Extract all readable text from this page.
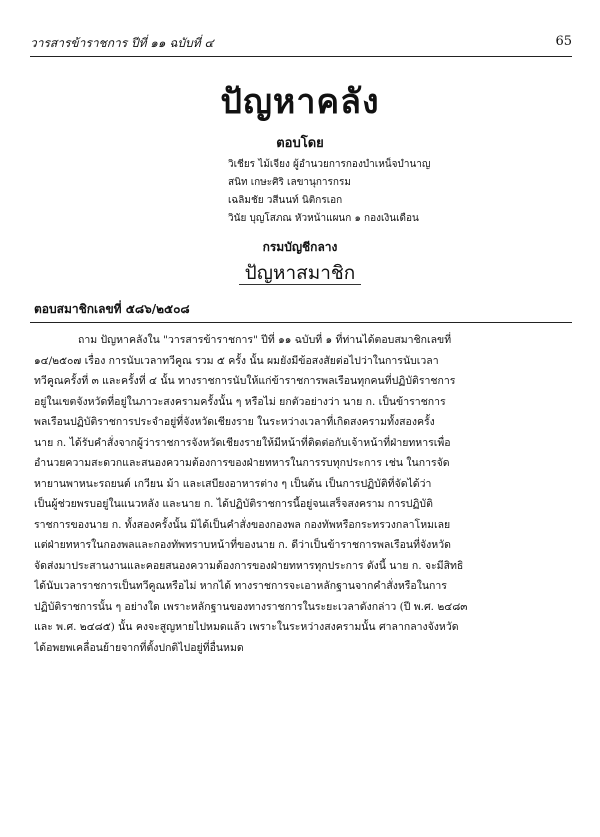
วารสารข้าราชการ ปีที่ ๑๑ ฉบับที่ ๔	65
ปัญหาคลัง
ตอบโดย
วิเชียร ไม้เจียง ผู้อำนวยการกองบำเหน็จบำนาญ
สนิท เกษะศิริ เลขานุการกรม
เฉลิมชัย วสีนนท์ นิติกรเอก
วินัย บุญโสภณ หัวหน้าแผนก ๑ กองเงินเดือน
กรมบัญชีกลาง
ปัญหาสมาชิก
ตอบสมาชิกเลขที่ ๕๘๖/๒๕๐๘
ถาม ปัญหาคลังใน "วารสารข้าราชการ" ปีที่ ๑๑ ฉบับที่ ๑ ที่ท่านได้ตอบสมาชิกเลขที่
๑๔/๒๕๐๗ เรื่อง การนับเวลาทวีคูณ รวม ๕ ครั้ง นั้น ผมยังมีข้อสงสัยต่อไปว่าในการนับเวลา
ทวีคูณครั้งที่ ๓ และครั้งที่ ๔ นั้น ทางราชการนับให้แก่ข้าราชการพลเรือนทุกคนที่ปฏิบัติราชการ
อยู่ในเขตจังหวัดที่อยู่ในภาวะสงครามครั้งนั้น ๆ หรือไม่ ยกตัวอย่างว่า นาย ก. เป็นข้าราชการ
พลเรือนปฏิบัติราชการประจำอยู่ที่จังหวัดเชียงราย ในระหว่างเวลาที่เกิดสงครามทั้งสองครั้ง
นาย ก. ได้รับคำสั่งจากผู้ว่าราชการจังหวัดเชียงรายให้มีหน้าที่ติดต่อกับเจ้าหน้าที่ฝ่ายทหารเพื่อ
อำนวยความสะดวกและสนองความต้องการของฝ่ายทหารในการรบทุกประการ เช่น ในการจัด
หายานพาหนะรถยนต์ เกวียน ม้า และเสบียงอาหารต่าง ๆ เป็นต้น เป็นการปฏิบัติที่จัดได้ว่า
เป็นผู้ช่วยพรบอยู่ในแนวหลัง และนาย ก. ได้ปฏิบัติราชการนี้อยู่จนเสร็จสงคราม การปฏิบัติ
ราชการของนาย ก. ทั้งสองครั้งนั้น มิได้เป็นคำสั่งของกองพล กองทัพหรือกระทรวงกลาโหมเลย
แต่ฝ่ายทหารในกองพลและกองทัพทราบหน้าที่ของนาย ก. ดีว่าเป็นข้าราชการพลเรือนที่จังหวัด
จัดส่งมาประสานงานและคอยสนองความต้องการของฝ่ายทหารทุกประการ ดังนี้ นาย ก. จะมีสิทธิ
ได้นับเวลาราชการเป็นทวีคูณหรือไม่ หากได้ ทางราชการจะเอาหลักฐานจากคำสั่งหรือในการ
ปฏิบัติราชการนั้น ๆ อย่างใด เพราะหลักฐานของทางราชการในระยะเวลาดังกล่าว (ปี พ.ศ. ๒๔๘๓
และ พ.ศ. ๒๔๘๕) นั้น คงจะสูญหายไปหมดแล้ว เพราะในระหว่างสงครามนั้น ศาลากลางจังหวัด
ได้อพยพเคลื่อนย้ายจากที่ตั้งปกติไปอยู่ที่อื่นหมด
